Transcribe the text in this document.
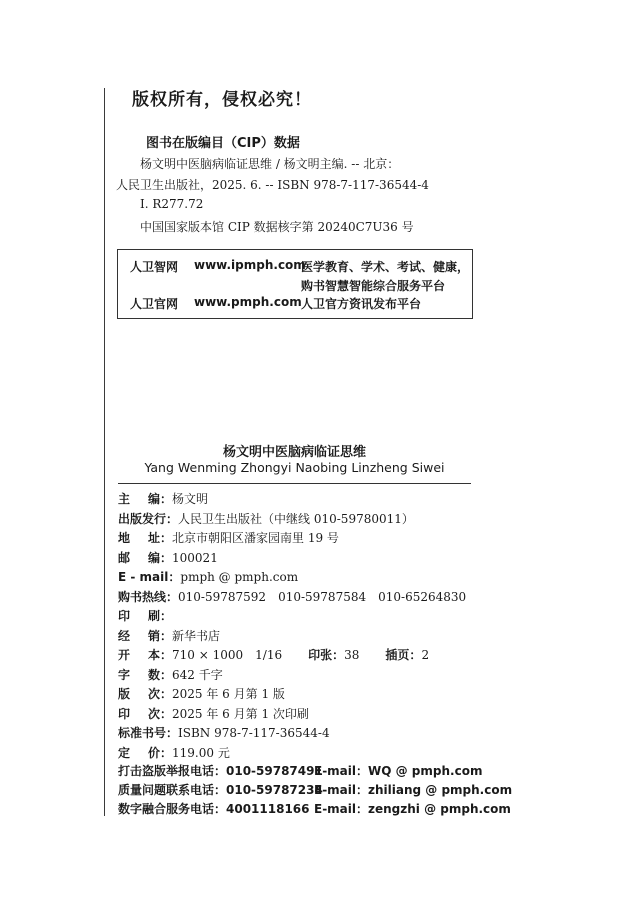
版权所有，侵权必究！
图书在版编目（CIP）数据
杨文明中医脑病临证思维 / 杨文明主编. -- 北京：
人民卫生出版社，2025. 6. -- ISBN 978-7-117-36544-4
Ⅰ. R277.72
中国国家版本馆 CIP 数据核字第 20240C7U36 号
人卫智网 www.ipmph.com
医学教育、学术、考试、健康，
购书智慧智能综合服务平台
人卫官网 www.pmph.com 人卫官方资讯发布平台
杨文明中医脑病临证思维
Yang Wenming Zhongyi Naobing Linzheng Siwei
主编：杨文明
出版发行：人民卫生出版社（中继线 010-59780011）
地址：北京市朝阳区潘家园南里 19 号
邮编：100021
E - mail：pmph @ pmph.com
购书热线：010-59787592　010-59787584　010-65264830
印刷：
经销：新华书店
开本：710 × 1000　1/16 印张：38 插页：2
字数：642 千字
版次：2025 年 6 月第 1 版
印次：2025 年 6 月第 1 次印刷
标准书号：ISBN 978-7-117-36544-4
定价：119.00 元
打击盗版举报电话：010-59787491
E-mail：WQ @ pmph.com
质量问题联系电话：010-59787234
E-mail：zhiliang @ pmph.com
数字融合服务电话：4001118166 E-mail：zengzhi @ pmph.com
